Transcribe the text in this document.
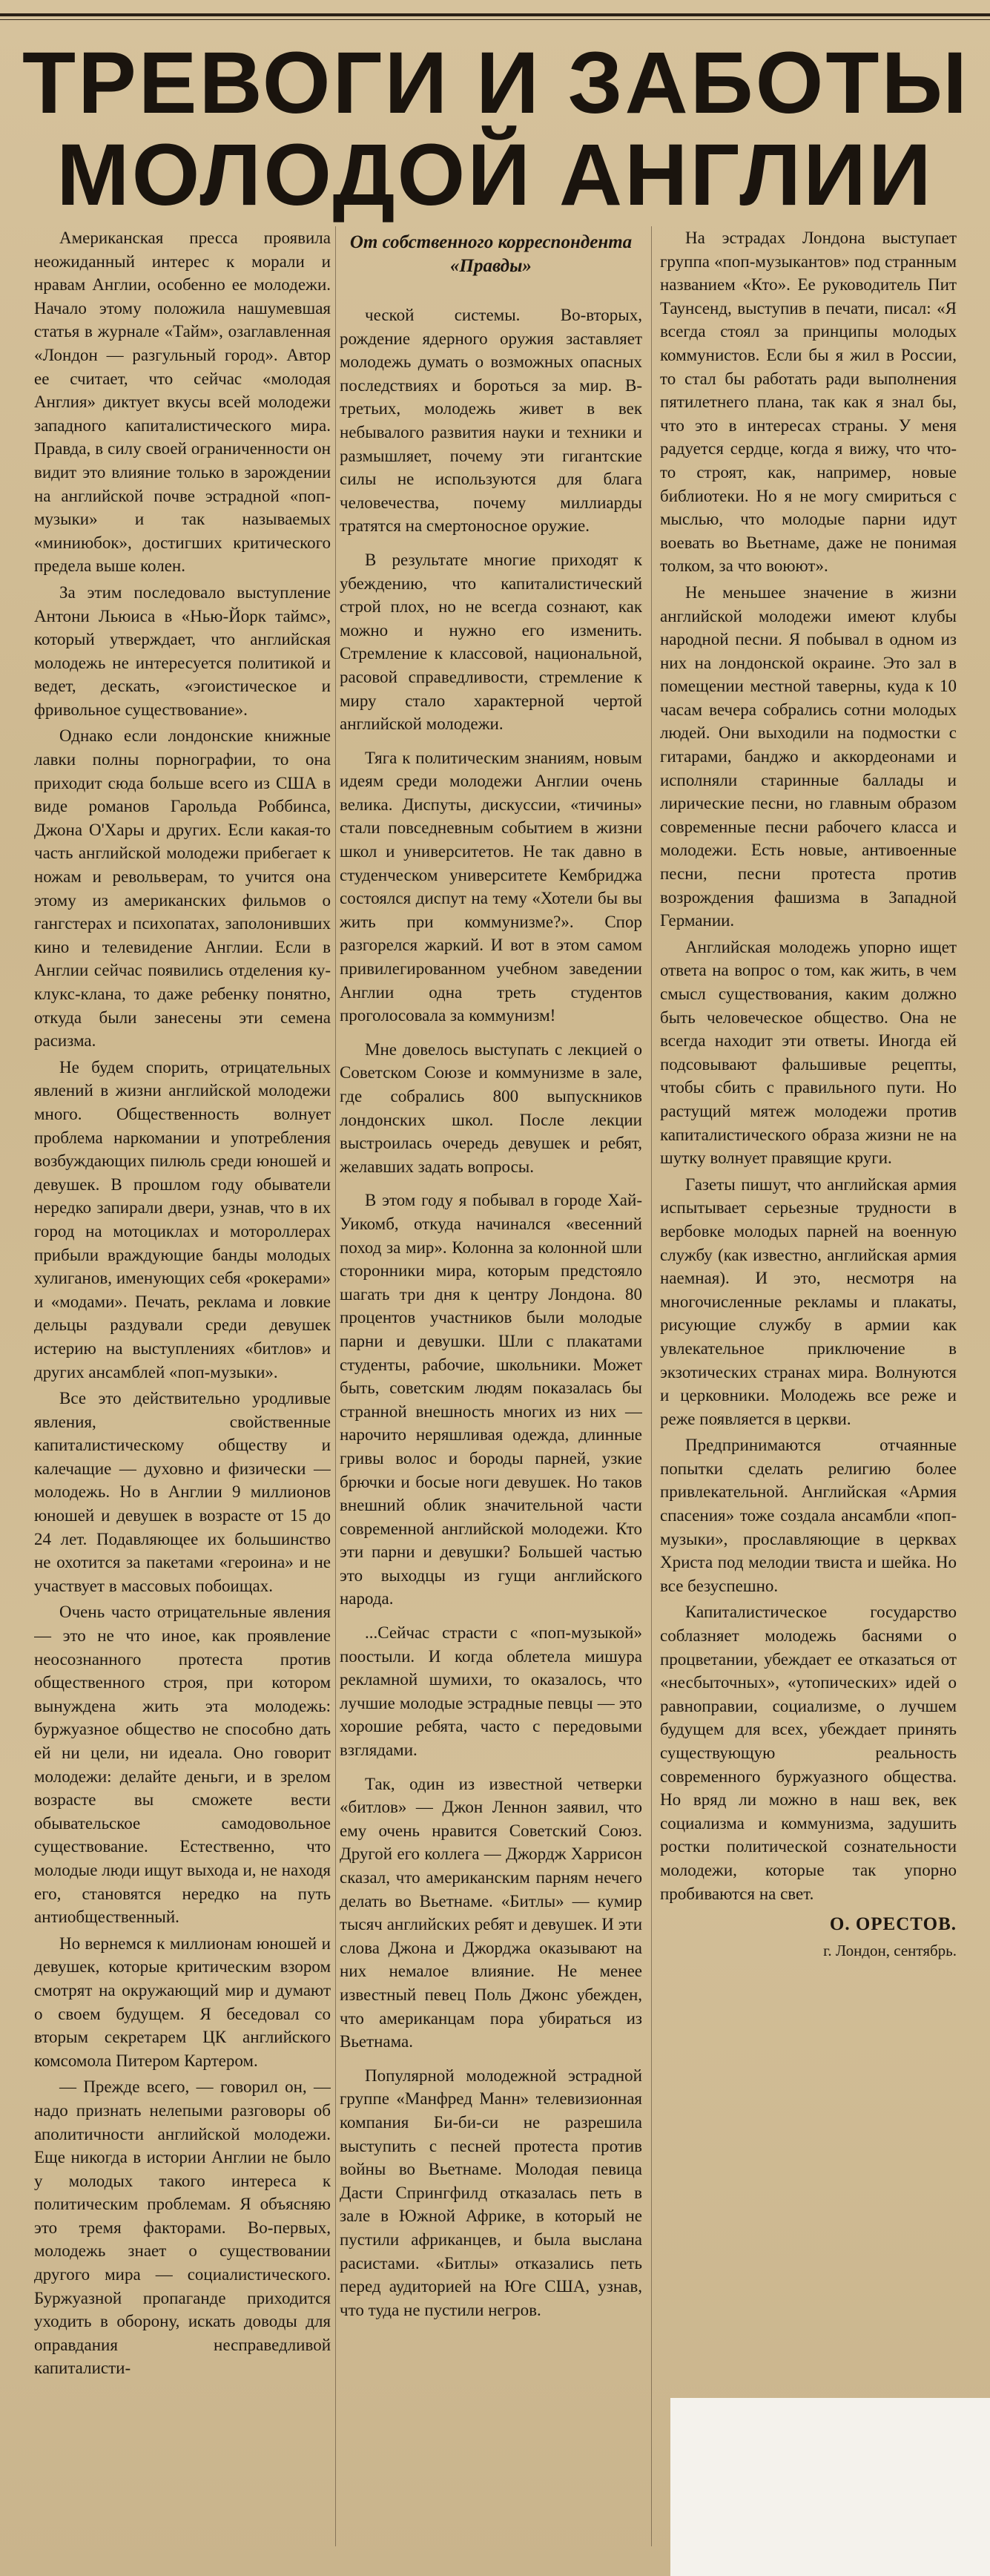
ТРЕВОГИ И ЗАБОТЫ
МОЛОДОЙ АНГЛИИ

Американская пресса проявила неожиданный интерес к морали и нравам Англии, особенно ее молодежи. Начало этому положила нашумевшая статья в журнале «Тайм», озаглавленная «Лондон — разгульный город». Автор ее считает, что сейчас «молодая Англия» диктует вкусы всей молодежи западного капиталистического мира. Правда, в силу своей ограниченности он видит это влияние только в зарождении на английской почве эстрадной «поп-музыки» и так называемых «миниюбок», достигших критического предела выше колен.

За этим последовало выступление Антони Льюиса в «Нью-Йорк таймс», который утверждает, что английская молодежь не интересуется политикой и ведет, дескать, «эгоистическое и фривольное существование».

Однако если лондонские книжные лавки полны порнографии, то она приходит сюда больше всего из США в виде романов Гарольда Роббинса, Джона О'Хары и других. Если какая-то часть английской молодежи прибегает к ножам и револьверам, то учится она этому из американских фильмов о гангстерах и психопатах, заполонивших кино и телевидение Англии. Если в Англии сейчас появились отделения ку-клукс-клана, то даже ребенку понятно, откуда были занесены эти семена расизма.

Не будем спорить, отрицательных явлений в жизни английской молодежи много. Общественность волнует проблема наркомании и употребления возбуждающих пилюль среди юношей и девушек. В прошлом году обыватели нередко запирали двери, узнав, что в их город на мотоциклах и мотороллерах прибыли враждующие банды молодых хулиганов, именующих себя «рокерами» и «модами». Печать, реклама и ловкие дельцы раздували среди девушек истерию на выступлениях «битлов» и других ансамблей «поп-музыки».

Все это действительно уродливые явления, свойственные капиталистическому обществу и калечащие — духовно и физически — молодежь. Но в Англии 9 миллионов юношей и девушек в возрасте от 15 до 24 лет. Подавляющее их большинство не охотится за пакетами «героина» и не участвует в массовых побоищах.

Очень часто отрицательные явления — это не что иное, как проявление неосознанного протеста против общественного строя, при котором вынуждена жить эта молодежь: буржуазное общество не способно дать ей ни цели, ни идеала. Оно говорит молодежи: делайте деньги, и в зрелом возрасте вы сможете вести обывательское самодовольное существование. Естественно, что молодые люди ищут выхода и, не находя его, становятся нередко на путь антиобщественный.

Но вернемся к миллионам юношей и девушек, которые критическим взором смотрят на окружающий мир и думают о своем будущем. Я беседовал со вторым секретарем ЦК английского комсомола Питером Картером.

— Прежде всего, — говорил он, — надо признать нелепыми разговоры об аполитичности английской молодежи. Еще никогда в истории Англии не было у молодых такого интереса к политическим проблемам. Я объясняю это тремя факторами. Во-первых, молодежь знает о существовании другого мира — социалистического. Буржуазной пропаганде приходится уходить в оборону, искать доводы для оправдания несправедливой капиталисти-

От собственного корреспондента «Правды»

ческой системы. Во-вторых, рождение ядерного оружия заставляет молодежь думать о возможных опасных последствиях и бороться за мир. В-третьих, молодежь живет в век небывалого развития науки и техники и размышляет, почему эти гигантские силы не используются для блага человечества, почему миллиарды тратятся на смертоносное оружие.

В результате многие приходят к убеждению, что капиталистический строй плох, но не всегда сознают, как можно и нужно его изменить. Стремление к классовой, национальной, расовой справедливости, стремление к миру стало характерной чертой английской молодежи.

Тяга к политическим знаниям, новым идеям среди молодежи Англии очень велика. Диспуты, дискуссии, «тичины» стали повседневным событием в жизни школ и университетов. Не так давно в студенческом университете Кембриджа состоялся диспут на тему «Хотели бы вы жить при коммунизме?». Спор разгорелся жаркий. И вот в этом самом привилегированном учебном заведении Англии одна треть студентов проголосовала за коммунизм!

Мне довелось выступать с лекцией о Советском Союзе и коммунизме в зале, где собрались 800 выпускников лондонских школ. После лекции выстроилась очередь девушек и ребят, желавших задать вопросы.

В этом году я побывал в городе Хай-Уикомб, откуда начинался «весенний поход за мир». Колонна за колонной шли сторонники мира, которым предстояло шагать три дня к центру Лондона. 80 процентов участников были молодые парни и девушки. Шли с плакатами студенты, рабочие, школьники. Может быть, советским людям показалась бы странной внешность многих из них — нарочито неряшливая одежда, длинные гривы волос и бороды парней, узкие брючки и босые ноги девушек. Но таков внешний облик значительной части современной английской молодежи. Кто эти парни и девушки? Большей частью это выходцы из гущи английского народа.

...Сейчас страсти с «поп-музыкой» поостыли. И когда облетела мишура рекламной шумихи, то оказалось, что лучшие молодые эстрадные певцы — это хорошие ребята, часто с передовыми взглядами.

Так, один из известной четверки «битлов» — Джон Леннон заявил, что ему очень нравится Советский Союз. Другой его коллега — Джордж Харрисон сказал, что американским парням нечего делать во Вьетнаме. «Битлы» — кумир тысяч английских ребят и девушек. И эти слова Джона и Джорджа оказывают на них немалое влияние. Не менее известный певец Поль Джонс убежден, что американцам пора убираться из Вьетнама.

Популярной молодежной эстрадной группе «Манфред Манн» телевизионная компания Би-би-си не разрешила выступить с песней протеста против войны во Вьетнаме. Молодая певица Дасти Спрингфилд отказалась петь в зале в Южной Африке, в который не пустили африканцев, и была выслана расистами. «Битлы» отказались петь перед аудиторией на Юге США, узнав, что туда не пустили негров.

На эстрадах Лондона выступает группа «поп-музыкантов» под странным названием «Кто». Ее руководитель Пит Таунсенд, выступив в печати, писал: «Я всегда стоял за принципы молодых коммунистов. Если бы я жил в России, то стал бы работать ради выполнения пятилетнего плана, так как я знал бы, что это в интересах страны. У меня радуется сердце, когда я вижу, что что-то строят, как, например, новые библиотеки. Но я не могу смириться с мыслью, что молодые парни идут воевать во Вьетнаме, даже не понимая толком, за что воюют».

Не меньшее значение в жизни английской молодежи имеют клубы народной песни. Я побывал в одном из них на лондонской окраине. Это зал в помещении местной таверны, куда к 10 часам вечера собрались сотни молодых людей. Они выходили на подмостки с гитарами, банджо и аккордеонами и исполняли старинные баллады и лирические песни, но главным образом современные песни рабочего класса и молодежи. Есть новые, антивоенные песни, песни протеста против возрождения фашизма в Западной Германии.

Английская молодежь упорно ищет ответа на вопрос о том, как жить, в чем смысл существования, каким должно быть человеческое общество. Она не всегда находит эти ответы. Иногда ей подсовывают фальшивые рецепты, чтобы сбить с правильного пути. Но растущий мятеж молодежи против капиталистического образа жизни не на шутку волнует правящие круги.

Газеты пишут, что английская армия испытывает серьезные трудности в вербовке молодых парней на военную службу (как известно, английская армия наемная). И это, несмотря на многочисленные рекламы и плакаты, рисующие службу в армии как увлекательное приключение в экзотических странах мира. Волнуются и церковники. Молодежь все реже и реже появляется в церкви.

Предпринимаются отчаянные попытки сделать религию более привлекательной. Английская «Армия спасения» тоже создала ансамбли «поп-музыки», прославляющие в церквах Христа под мелодии твиста и шейка. Но все безуспешно.

Капиталистическое государство соблазняет молодежь баснями о процветании, убеждает ее отказаться от «несбыточных», «утопических» идей о равноправии, социализме, о лучшем будущем для всех, убеждает принять существующую реальность современного буржуазного общества. Но вряд ли можно в наш век, век социализма и коммунизма, задушить ростки политической сознательности молодежи, которые так упорно пробиваются на свет.

О. ОРЕСТОВ.
г. Лондон, сентябрь.
